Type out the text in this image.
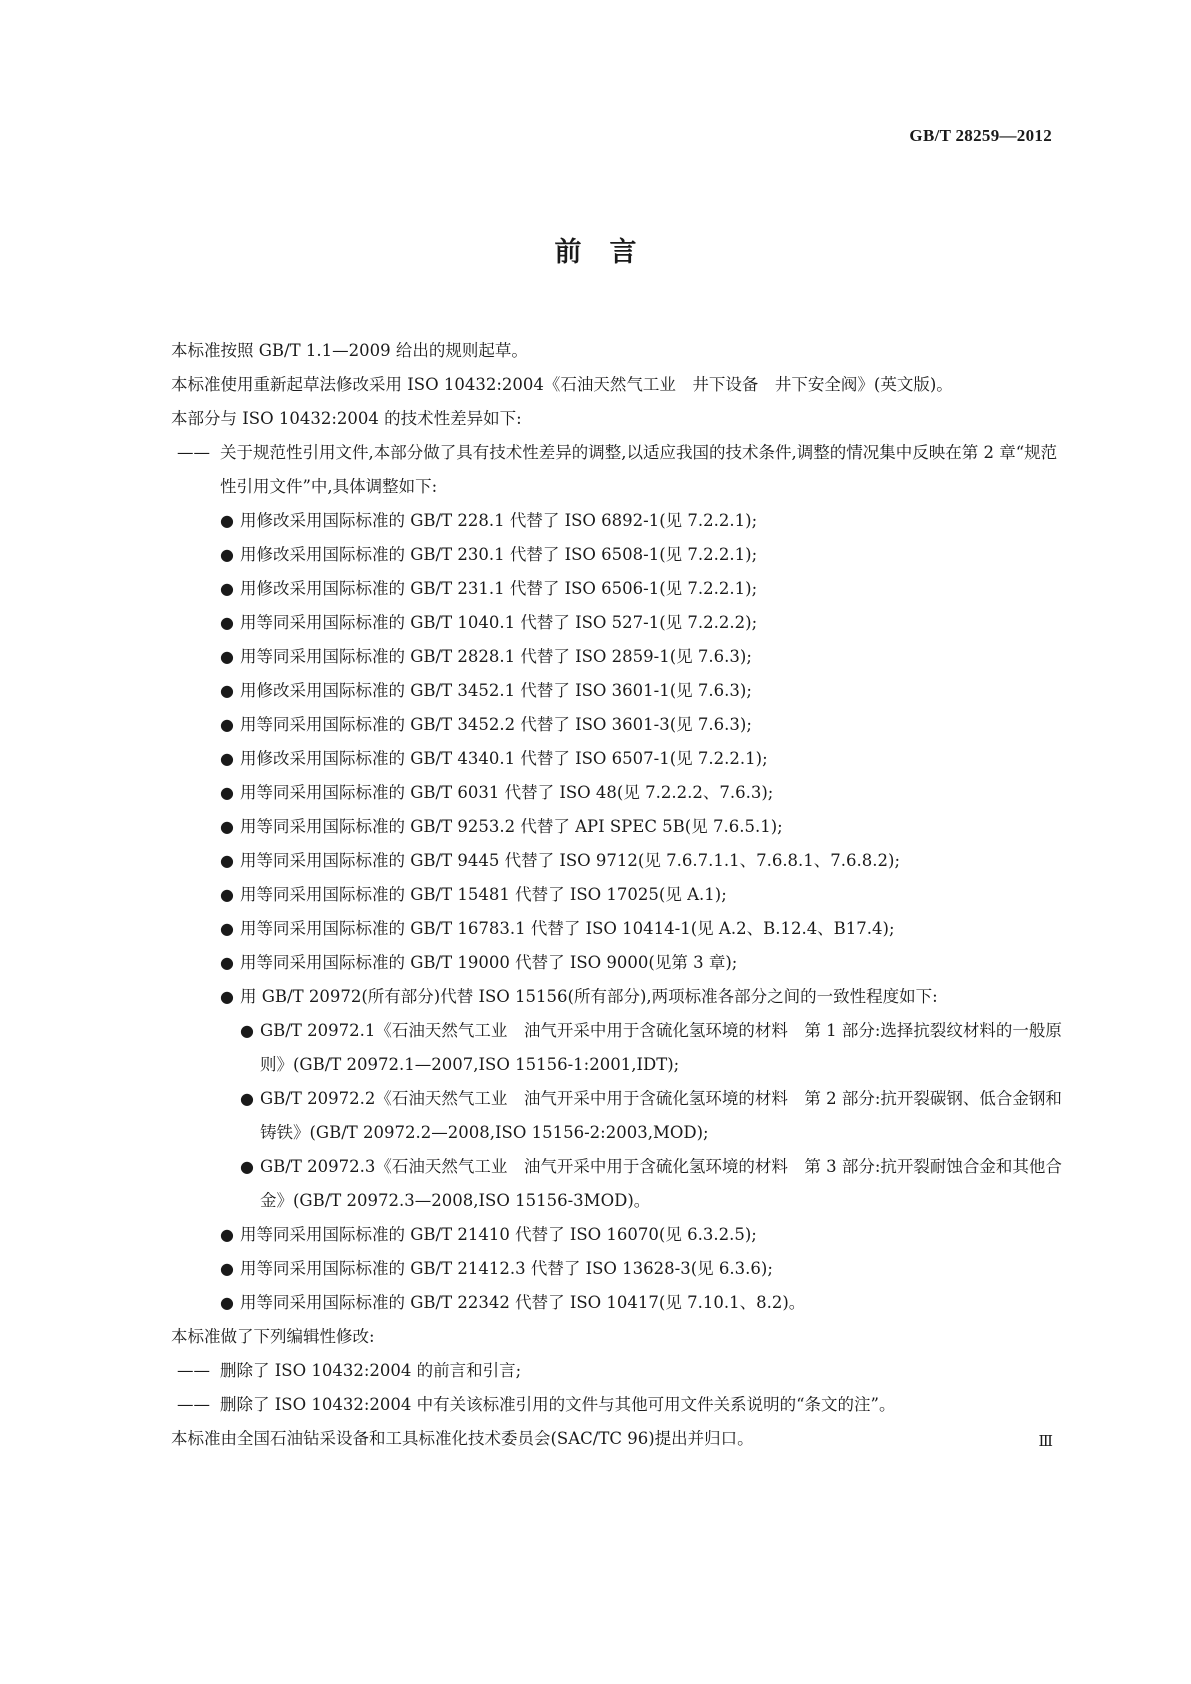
GB/T 28259—2012
前言

本标准按照 GB/T 1.1—2009 给出的规则起草。

本标准使用重新起草法修改采用 ISO 10432:2004《石油天然气工业　井下设备　井下安全阀》(英文版)。

本部分与 ISO 10432:2004 的技术性差异如下:

—— 关于规范性引用文件,本部分做了具有技术性差异的调整,以适应我国的技术条件,调整的情况集中反映在第 2 章“规范性引用文件”中,具体调整如下:
● 用修改采用国际标准的 GB/T 228.1 代替了 ISO 6892-1(见 7.2.2.1);
● 用修改采用国际标准的 GB/T 230.1 代替了 ISO 6508-1(见 7.2.2.1);
● 用修改采用国际标准的 GB/T 231.1 代替了 ISO 6506-1(见 7.2.2.1);
● 用等同采用国际标准的 GB/T 1040.1 代替了 ISO 527-1(见 7.2.2.2);
● 用等同采用国际标准的 GB/T 2828.1 代替了 ISO 2859-1(见 7.6.3);
● 用修改采用国际标准的 GB/T 3452.1 代替了 ISO 3601-1(见 7.6.3);
● 用等同采用国际标准的 GB/T 3452.2 代替了 ISO 3601-3(见 7.6.3);
● 用修改采用国际标准的 GB/T 4340.1 代替了 ISO 6507-1(见 7.2.2.1);
● 用等同采用国际标准的 GB/T 6031 代替了 ISO 48(见 7.2.2.2、7.6.3);
● 用等同采用国际标准的 GB/T 9253.2 代替了 API SPEC 5B(见 7.6.5.1);
● 用等同采用国际标准的 GB/T 9445 代替了 ISO 9712(见 7.6.7.1.1、7.6.8.1、7.6.8.2);
● 用等同采用国际标准的 GB/T 15481 代替了 ISO 17025(见 A.1);
● 用等同采用国际标准的 GB/T 16783.1 代替了 ISO 10414-1(见 A.2、B.12.4、B17.4);
● 用等同采用国际标准的 GB/T 19000 代替了 ISO 9000(见第 3 章);
● 用 GB/T 20972(所有部分)代替 ISO 15156(所有部分),两项标准各部分之间的一致性程度如下:
● GB/T 20972.1《石油天然气工业　油气开采中用于含硫化氢环境的材料　第 1 部分:选择抗裂纹材料的一般原则》(GB/T 20972.1—2007,ISO 15156-1:2001,IDT);
● GB/T 20972.2《石油天然气工业　油气开采中用于含硫化氢环境的材料　第 2 部分:抗开裂碳钢、低合金钢和铸铁》(GB/T 20972.2—2008,ISO 15156-2:2003,MOD);
● GB/T 20972.3《石油天然气工业　油气开采中用于含硫化氢环境的材料　第 3 部分:抗开裂耐蚀合金和其他合金》(GB/T 20972.3—2008,ISO 15156-3MOD)。
● 用等同采用国际标准的 GB/T 21410 代替了 ISO 16070(见 6.3.2.5);
● 用等同采用国际标准的 GB/T 21412.3 代替了 ISO 13628-3(见 6.3.6);
● 用等同采用国际标准的 GB/T 22342 代替了 ISO 10417(见 7.10.1、8.2)。

本标准做了下列编辑性修改:

—— 删除了 ISO 10432:2004 的前言和引言;
—— 删除了 ISO 10432:2004 中有关该标准引用的文件与其他可用文件关系说明的“条文的注”。

本标准由全国石油钻采设备和工具标准化技术委员会(SAC/TC 96)提出并归口。	Ⅲ
